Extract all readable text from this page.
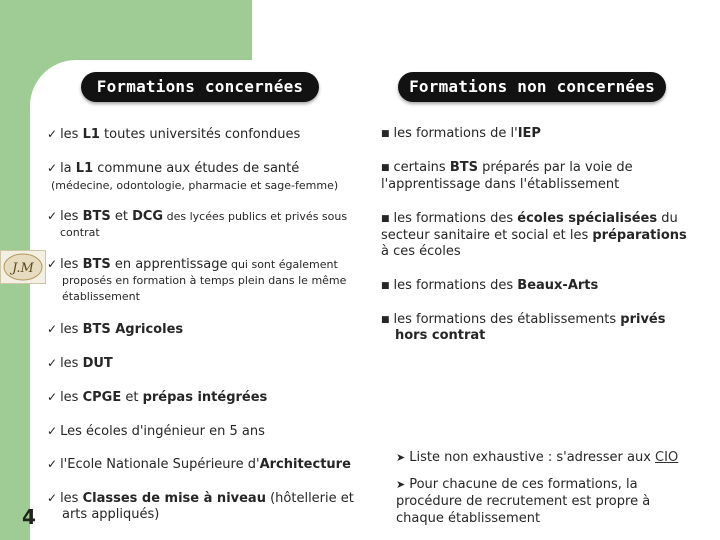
Formations concernées	Formations non concernées
✓ les L1 toutes universités confondues
✓ la L1 commune aux études de santé
(médecine, odontologie, pharmacie et sage-femme)
✓ les BTS et DCG des lycées publics et privés sous
contrat
J.M ✓ les BTS en apprentissage qui sont également
proposés en formation à temps plein dans le même
établissement
✓ les BTS Agricoles
✓ les DUT
✓ les CPGE et prépas intégrées
✓ Les écoles d'ingénieur en 5 ans
✓ l'Ecole Nationale Supérieure d'Architecture
✓ les Classes de mise à niveau (hôtellerie et
arts appliqués)
4
■ les formations de l'IEP
■ certains BTS préparés par la voie de
l'apprentissage dans l'établissement
■ les formations des écoles spécialisées du
secteur sanitaire et social et les préparations
à ces écoles
■ les formations des Beaux-Arts
■ les formations des établissements privés
hors contrat
➤ Liste non exhaustive : s'adresser aux CIO
➤ Pour chacune de ces formations, la
procédure de recrutement est propre à
chaque établissement
